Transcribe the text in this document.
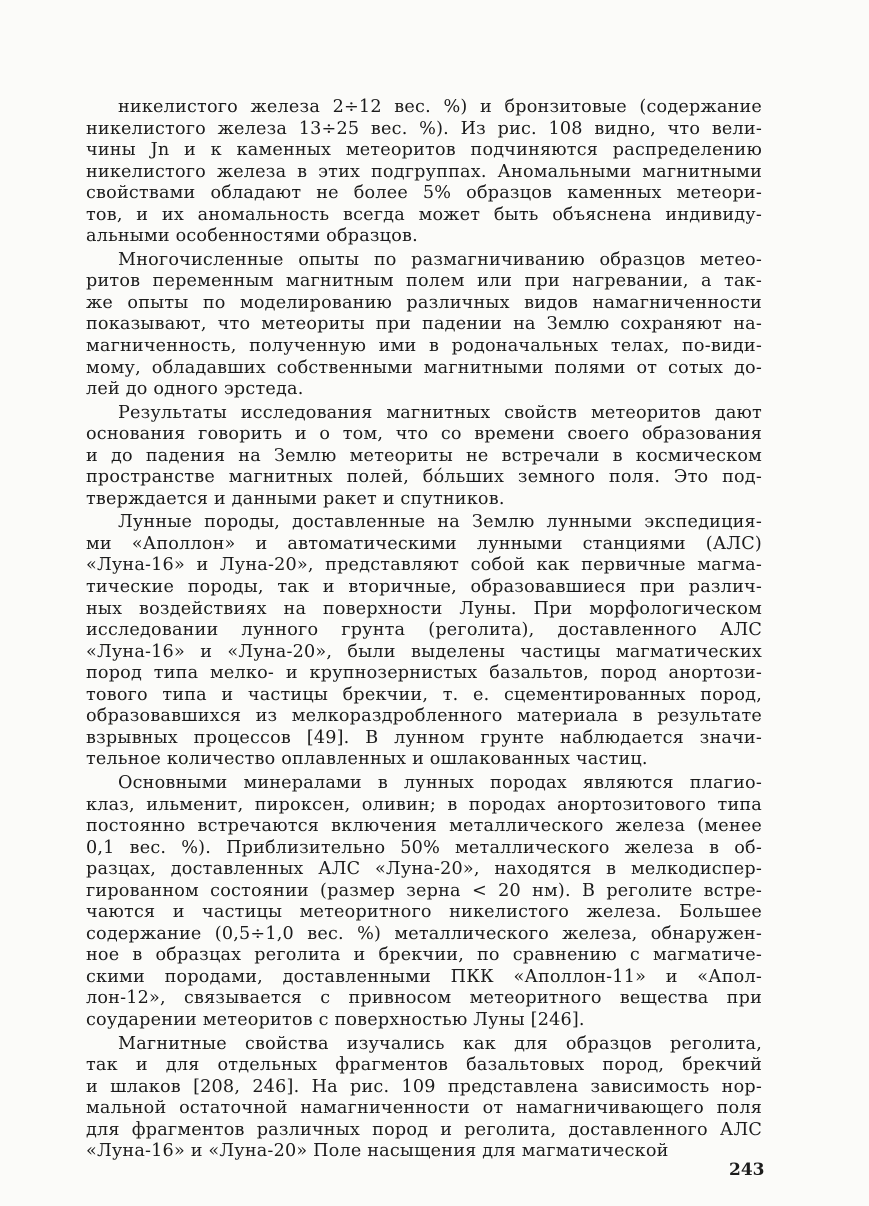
никелистого железа 2÷12 вес. %) и бронзитовые (содержание
никелистого железа 13÷25 вес. %). Из рис. 108 видно, что вели-
чины Jn и κ каменных метеоритов подчиняются распределению
никелистого железа в этих подгруппах. Аномальными магнитными
свойствами обладают не более 5% образцов каменных метеори-
тов, и их аномальность всегда может быть объяснена индивиду-
альными особенностями образцов.
Многочисленные опыты по размагничиванию образцов метео-
ритов переменным магнитным полем или при нагревании, а так-
же опыты по моделированию различных видов намагниченности
показывают, что метеориты при падении на Землю сохраняют на-
магниченность, полученную ими в родоначальных телах, по-види-
мому, обладавших собственными магнитными полями от сотых до-
лей до одного эрстеда.
Результаты исследования магнитных свойств метеоритов дают
основания говорить и о том, что со времени своего образования
и до падения на Землю метеориты не встречали в космическом
пространстве магнитных полей, бóльших земного поля. Это под-
тверждается и данными ракет и спутников.
Лунные породы, доставленные на Землю лунными экспедиция-
ми «Аполлон» и автоматическими лунными станциями (АЛС)
«Луна-16» и Луна-20», представляют собой как первичные магма-
тические породы, так и вторичные, образовавшиеся при различ-
ных воздействиях на поверхности Луны. При морфологическом
исследовании лунного грунта (реголита), доставленного АЛС
«Луна-16» и «Луна-20», были выделены частицы магматических
пород типа мелко- и крупнозернистых базальтов, пород анортози-
тового типа и частицы брекчии, т. е. сцементированных пород,
образовавшихся из мелкораздробленного материала в результате
взрывных процессов [49]. В лунном грунте наблюдается значи-
тельное количество оплавленных и ошлакованных частиц.
Основными минералами в лунных породах являются плагио-
клаз, ильменит, пироксен, оливин; в породах анортозитового типа
постоянно встречаются включения металлического железа (менее
0,1 вес. %). Приблизительно 50% металлического железа в об-
разцах, доставленных АЛС «Луна-20», находятся в мелкодиспер-
гированном состоянии (размер зерна < 20 нм). В реголите встре-
чаются и частицы метеоритного никелистого железа. Большее
содержание (0,5÷1,0 вес. %) металлического железа, обнаружен-
ное в образцах реголита и брекчии, по сравнению с магматиче-
скими породами, доставленными ПКК «Аполлон-11» и «Апол-
лон-12», связывается с привносом метеоритного вещества при
соударении метеоритов с поверхностью Луны [246].
Магнитные свойства изучались как для образцов реголита,
так и для отдельных фрагментов базальтовых пород, брекчий
и шлаков [208, 246]. На рис. 109 представлена зависимость нор-
мальной остаточной намагниченности от намагничивающего поля
для фрагментов различных пород и реголита, доставленного АЛС
«Луна-16» и «Луна-20» Поле насыщения для магматической
243
